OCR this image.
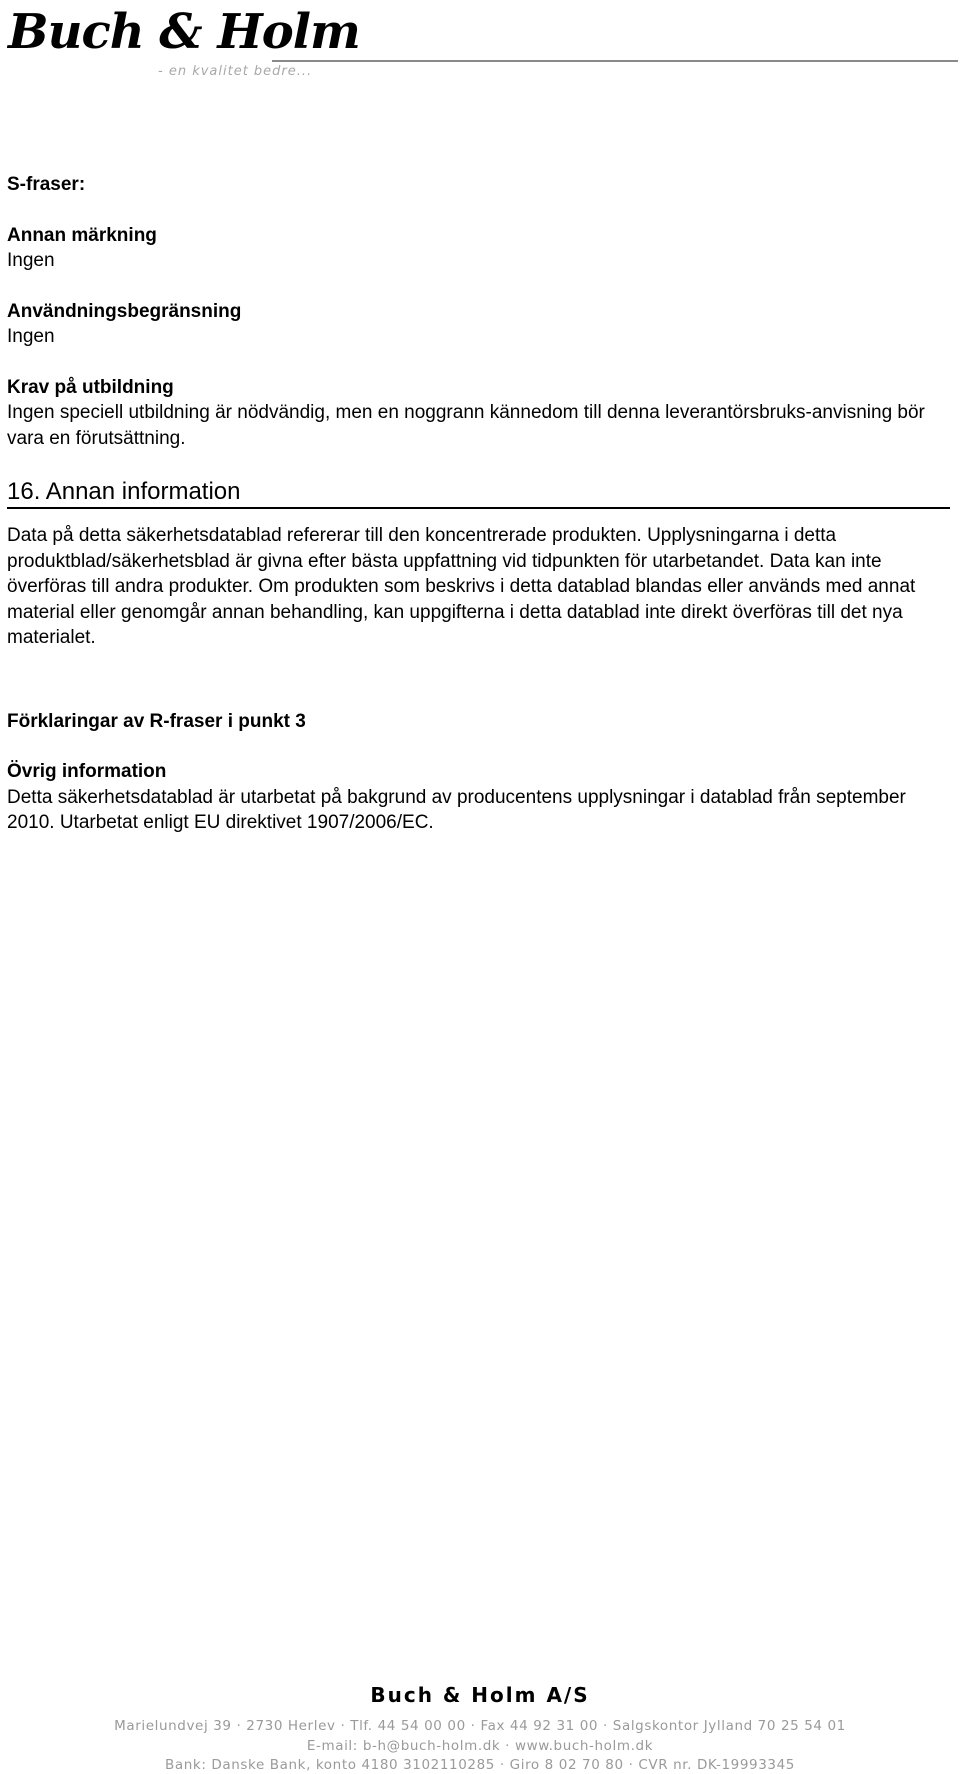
Buch & Holm
- en kvalitet bedre...

S-fraser:

Annan märkning
Ingen

Användningsbegränsning
Ingen

Krav på utbildning
Ingen speciell utbildning är nödvändig, men en noggrann kännedom till denna leverantörsbruks-anvisning bör vara en förutsättning.

16. Annan information

Data på detta säkerhetsdatablad refererar till den koncentrerade produkten. Upplysningarna i detta produktblad/säkerhetsblad är givna efter bästa uppfattning vid tidpunkten för utarbetandet. Data kan inte överföras till andra produkter. Om produkten som beskrivs i detta datablad blandas eller används med annat material eller genomgår annan behandling, kan uppgifterna i detta datablad inte direkt överföras till det nya materialet.

Förklaringar av R-fraser i punkt 3

Övrig information
Detta säkerhetsdatablad är utarbetat på bakgrund av producentens upplysningar i datablad från september 2010. Utarbetat enligt EU direktivet 1907/2006/EC.

Buch & Holm A/S
Marielundvej 39 · 2730 Herlev · Tlf. 44 54 00 00 · Fax 44 92 31 00 · Salgskontor Jylland 70 25 54 01
E-mail: b-h@buch-holm.dk · www.buch-holm.dk
Bank: Danske Bank, konto 4180 3102110285 · Giro 8 02 70 80 · CVR nr. DK-19993345
